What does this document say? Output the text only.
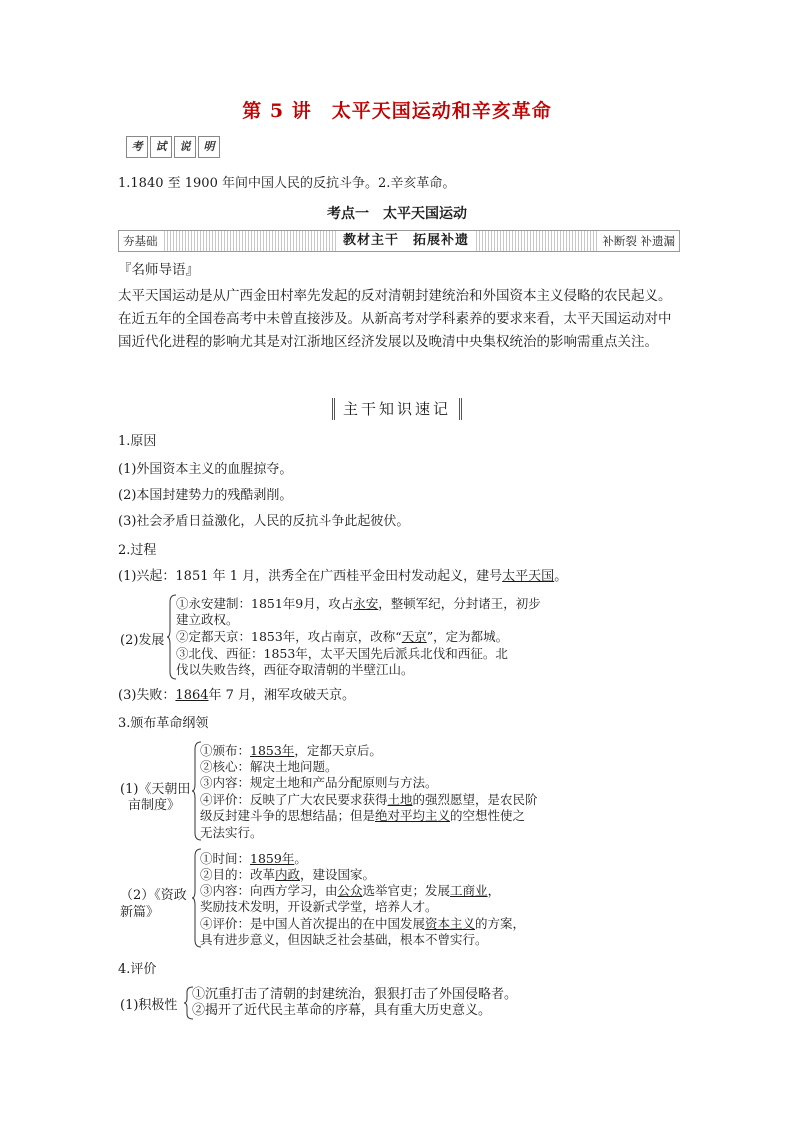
第 5 讲　太平天国运动和辛亥革命
考	试	说	明
1.1840 至 1900 年间中国人民的反抗斗争。2.辛亥革命。
考点一　太平天国运动
夯基础	教材主干　拓展补遗	补断裂 补遗漏
『名师导语』
太平天国运动是从广西金田村率先发起的反对清朝封建统治和外国资本主义侵略的农民起义。在近五年的全国卷高考中未曾直接涉及。从新高考对学科素养的要求来看，太平天国运动对中国近代化进程的影响尤其是对江浙地区经济发展以及晚清中央集权统治的影响需重点关注。
主干知识速记
1.原因
(1)外国资本主义的血腥掠夺。
(2)本国封建势力的残酷剥削。
(3)社会矛盾日益激化，人民的反抗斗争此起彼伏。
2.过程
(1)兴起：1851 年 1 月，洪秀全在广西桂平金田村发动起义，建号太平天国。
(2)发展
①永安建制：1851年9月，攻占永安，整顿军纪，分封诸王，初步
建立政权。
②定都天京：1853年，攻占南京，改称“天京”，定为都城。
③北伐、西征：1853年，太平天国先后派兵北伐和西征。北
伐以失败告终，西征夺取清朝的半壁江山。
(3)失败：1864年 7 月，湘军攻破天京。
3.颁布革命纲领
(1)《天朝田
亩制度》
①颁布：1853年，定都天京后。
②核心：解决土地问题。
③内容：规定土地和产品分配原则与方法。
④评价：反映了广大农民要求获得土地的强烈愿望，是农民阶
级反封建斗争的思想结晶；但是绝对平均主义的空想性使之
无法实行。
（2）《资政
新篇》
①时间：1859年。
②目的：改革内政，建设国家。
③内容：向西方学习，由公众选举官吏；发展工商业，
奖励技术发明，开设新式学堂，培养人才。
④评价：是中国人首次提出的在中国发展资本主义的方案，
具有进步意义，但因缺乏社会基础，根本不曾实行。
4.评价
(1)积极性
①沉重打击了清朝的封建统治，狠狠打击了外国侵略者。
②揭开了近代民主革命的序幕，具有重大历史意义。
